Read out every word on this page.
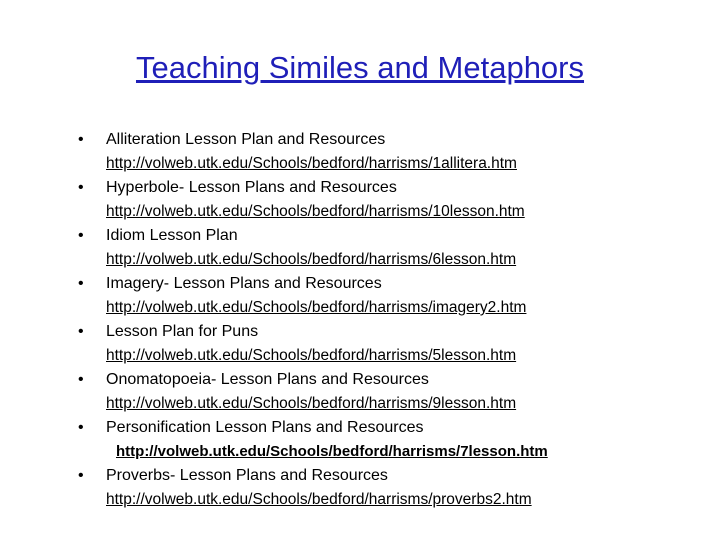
Teaching Similes and Metaphors
• Alliteration Lesson Plan and Resources
http://volweb.utk.edu/Schools/bedford/harrisms/1allitera.htm
• Hyperbole- Lesson Plans and Resources
http://volweb.utk.edu/Schools/bedford/harrisms/10lesson.htm
• Idiom Lesson Plan
http://volweb.utk.edu/Schools/bedford/harrisms/6lesson.htm
• Imagery- Lesson Plans and Resources
http://volweb.utk.edu/Schools/bedford/harrisms/imagery2.htm
• Lesson Plan for Puns
http://volweb.utk.edu/Schools/bedford/harrisms/5lesson.htm
• Onomatopoeia- Lesson Plans and Resources
http://volweb.utk.edu/Schools/bedford/harrisms/9lesson.htm
• Personification Lesson Plans and Resources
http://volweb.utk.edu/Schools/bedford/harrisms/7lesson.htm
• Proverbs- Lesson Plans and Resources
http://volweb.utk.edu/Schools/bedford/harrisms/proverbs2.htm
